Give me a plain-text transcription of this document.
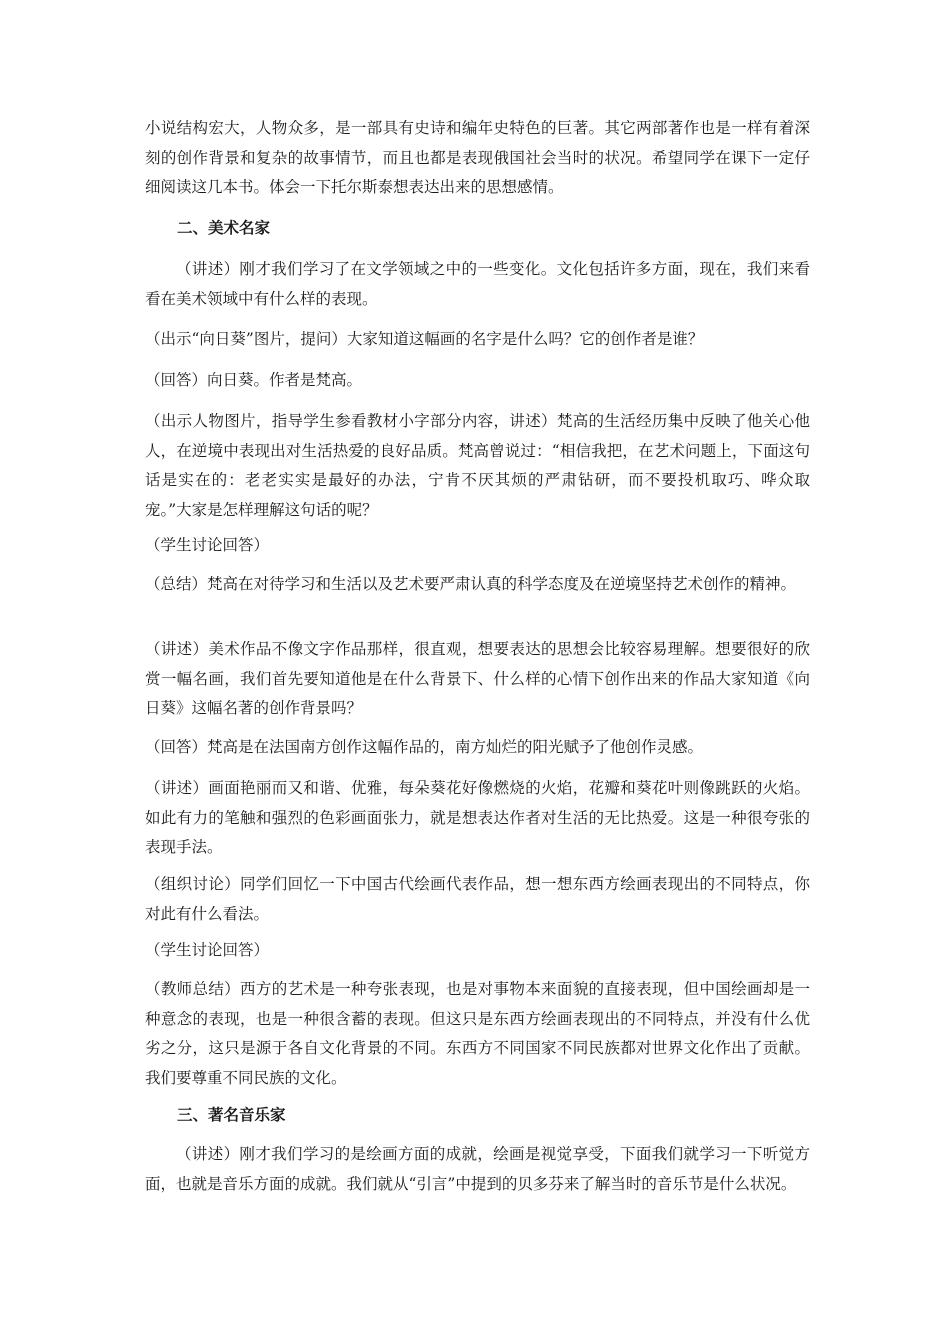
小说结构宏大，人物众多，是一部具有史诗和编年史特色的巨著。其它两部著作也是一样有着深刻的创作背景和复杂的故事情节，而且也都是表现俄国社会当时的状况。希望同学在课下一定仔细阅读这几本书。体会一下托尔斯泰想表达出来的思想感情。

二、美术名家

（讲述）刚才我们学习了在文学领域之中的一些变化。文化包括许多方面，现在，我们来看看在美术领域中有什么样的表现。

（出示“向日葵”图片，提问）大家知道这幅画的名字是什么吗？它的创作者是谁？

（回答）向日葵。作者是梵高。

（出示人物图片，指导学生参看教材小字部分内容，讲述）梵高的生活经历集中反映了他关心他人，在逆境中表现出对生活热爱的良好品质。梵高曾说过：“相信我把，在艺术问题上，下面这句话是实在的：老老实实是最好的办法，宁肯不厌其烦的严肃钻研，而不要投机取巧、哗众取宠。”大家是怎样理解这句话的呢？

（学生讨论回答）

（总结）梵高在对待学习和生活以及艺术要严肃认真的科学态度及在逆境坚持艺术创作的精神。

（讲述）美术作品不像文字作品那样，很直观，想要表达的思想会比较容易理解。想要很好的欣赏一幅名画，我们首先要知道他是在什么背景下、什么样的心情下创作出来的作品大家知道《向日葵》这幅名著的创作背景吗？

（回答）梵高是在法国南方创作这幅作品的，南方灿烂的阳光赋予了他创作灵感。

（讲述）画面艳丽而又和谐、优雅，每朵葵花好像燃烧的火焰，花瓣和葵花叶则像跳跃的火焰。如此有力的笔触和强烈的色彩画面张力，就是想表达作者对生活的无比热爱。这是一种很夸张的表现手法。

（组织讨论）同学们回忆一下中国古代绘画代表作品，想一想东西方绘画表现出的不同特点，你对此有什么看法。

（学生讨论回答）

（教师总结）西方的艺术是一种夸张表现，也是对事物本来面貌的直接表现，但中国绘画却是一种意念的表现，也是一种很含蓄的表现。但这只是东西方绘画表现出的不同特点，并没有什么优劣之分，这只是源于各自文化背景的不同。东西方不同国家不同民族都对世界文化作出了贡献。我们要尊重不同民族的文化。

三、著名音乐家

（讲述）刚才我们学习的是绘画方面的成就，绘画是视觉享受，下面我们就学习一下听觉方面，也就是音乐方面的成就。我们就从“引言”中提到的贝多芬来了解当时的音乐节是什么状况。
